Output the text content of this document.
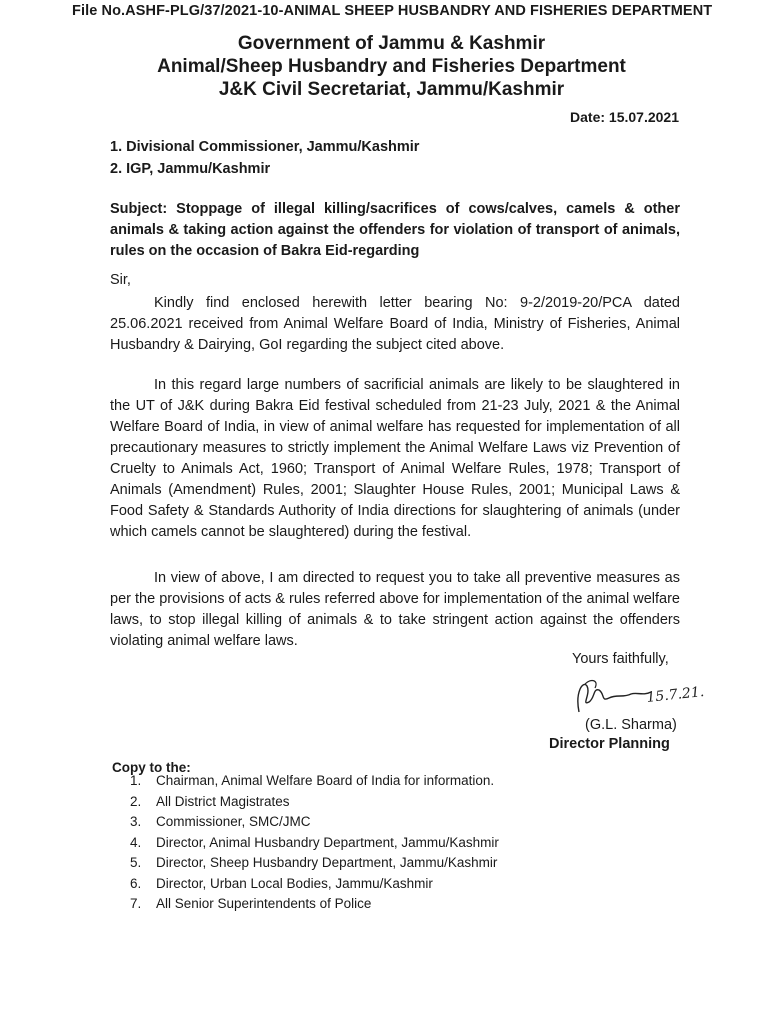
File No.ASHF-PLG/37/2021-10-ANIMAL SHEEP HUSBANDRY AND FISHERIES DEPARTMENT
Government of Jammu & Kashmir
Animal/Sheep Husbandry and Fisheries Department
J&K Civil Secretariat, Jammu/Kashmir
Date: 15.07.2021
1. Divisional Commissioner, Jammu/Kashmir
2. IGP, Jammu/Kashmir
Subject: Stoppage of illegal killing/sacrifices of cows/calves, camels & other animals & taking action against the offenders for violation of transport of animals, rules on the occasion of Bakra Eid-regarding
Sir,
Kindly find enclosed herewith letter bearing No: 9-2/2019-20/PCA dated 25.06.2021 received from Animal Welfare Board of India, Ministry of Fisheries, Animal Husbandry & Dairying, GoI regarding the subject cited above.
In this regard large numbers of sacrificial animals are likely to be slaughtered in the UT of J&K during Bakra Eid festival scheduled from 21-23 July, 2021 & the Animal Welfare Board of India, in view of animal welfare has requested for implementation of all precautionary measures to strictly implement the Animal Welfare Laws viz Prevention of Cruelty to Animals Act, 1960; Transport of Animal Welfare Rules, 1978; Transport of Animals (Amendment) Rules, 2001; Slaughter House Rules, 2001; Municipal Laws & Food Safety & Standards Authority of India directions for slaughtering of animals (under which camels cannot be slaughtered) during the festival.
In view of above, I am directed to request you to take all preventive measures as per the provisions of acts & rules referred above for implementation of the animal welfare laws, to stop illegal killing of animals & to take stringent action against the offenders violating animal welfare laws.
Yours faithfully,
15.7.21.
(G.L. Sharma)
Director Planning
Copy to the:
1. Chairman, Animal Welfare Board of India for information.
2. All District Magistrates
3. Commissioner, SMC/JMC
4. Director, Animal Husbandry Department, Jammu/Kashmir
5. Director, Sheep Husbandry Department, Jammu/Kashmir
6. Director, Urban Local Bodies, Jammu/Kashmir
7. All Senior Superintendents of Police
